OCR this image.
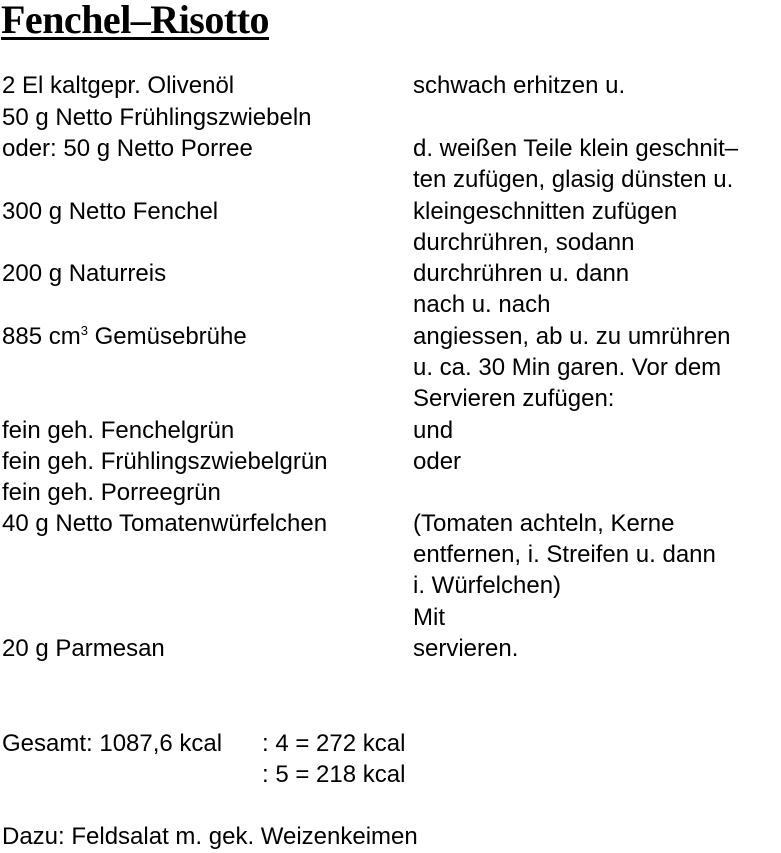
Fenchel–Risotto
2 El kaltgepr. Olivenöl
50 g Netto Frühlingszwiebeln
oder: 50 g Netto Porree
300 g Netto Fenchel
200 g Naturreis
885 $cm^3$ Gemüsebrühe
fein geh. Fenchelgrün
fein geh. Frühlingszwiebelgrün
fein geh. Porreegrün
40 g Netto Tomatenwürfelchen
20 g Parmesan
schwach erhitzen u.
d. weißen Teile klein geschnit–
ten zufügen, glasig dünsten u.
kleingeschnitten zufügen
durchrühren, sodann
durchrühren u. dann
nach u. nach
angiessen, ab u. zu umrühren
u. ca. 30 Min garen. Vor dem
Servieren zufügen:
und
oder
(Tomaten achteln, Kerne
entfernen, i. Streifen u. dann
i. Würfelchen)
Mit
servieren.
Gesamt: 1087,6 kcal : 4 = 272 kcal
: 5 = 218 kcal
Dazu: Feldsalat m. gek. Weizenkeimen
